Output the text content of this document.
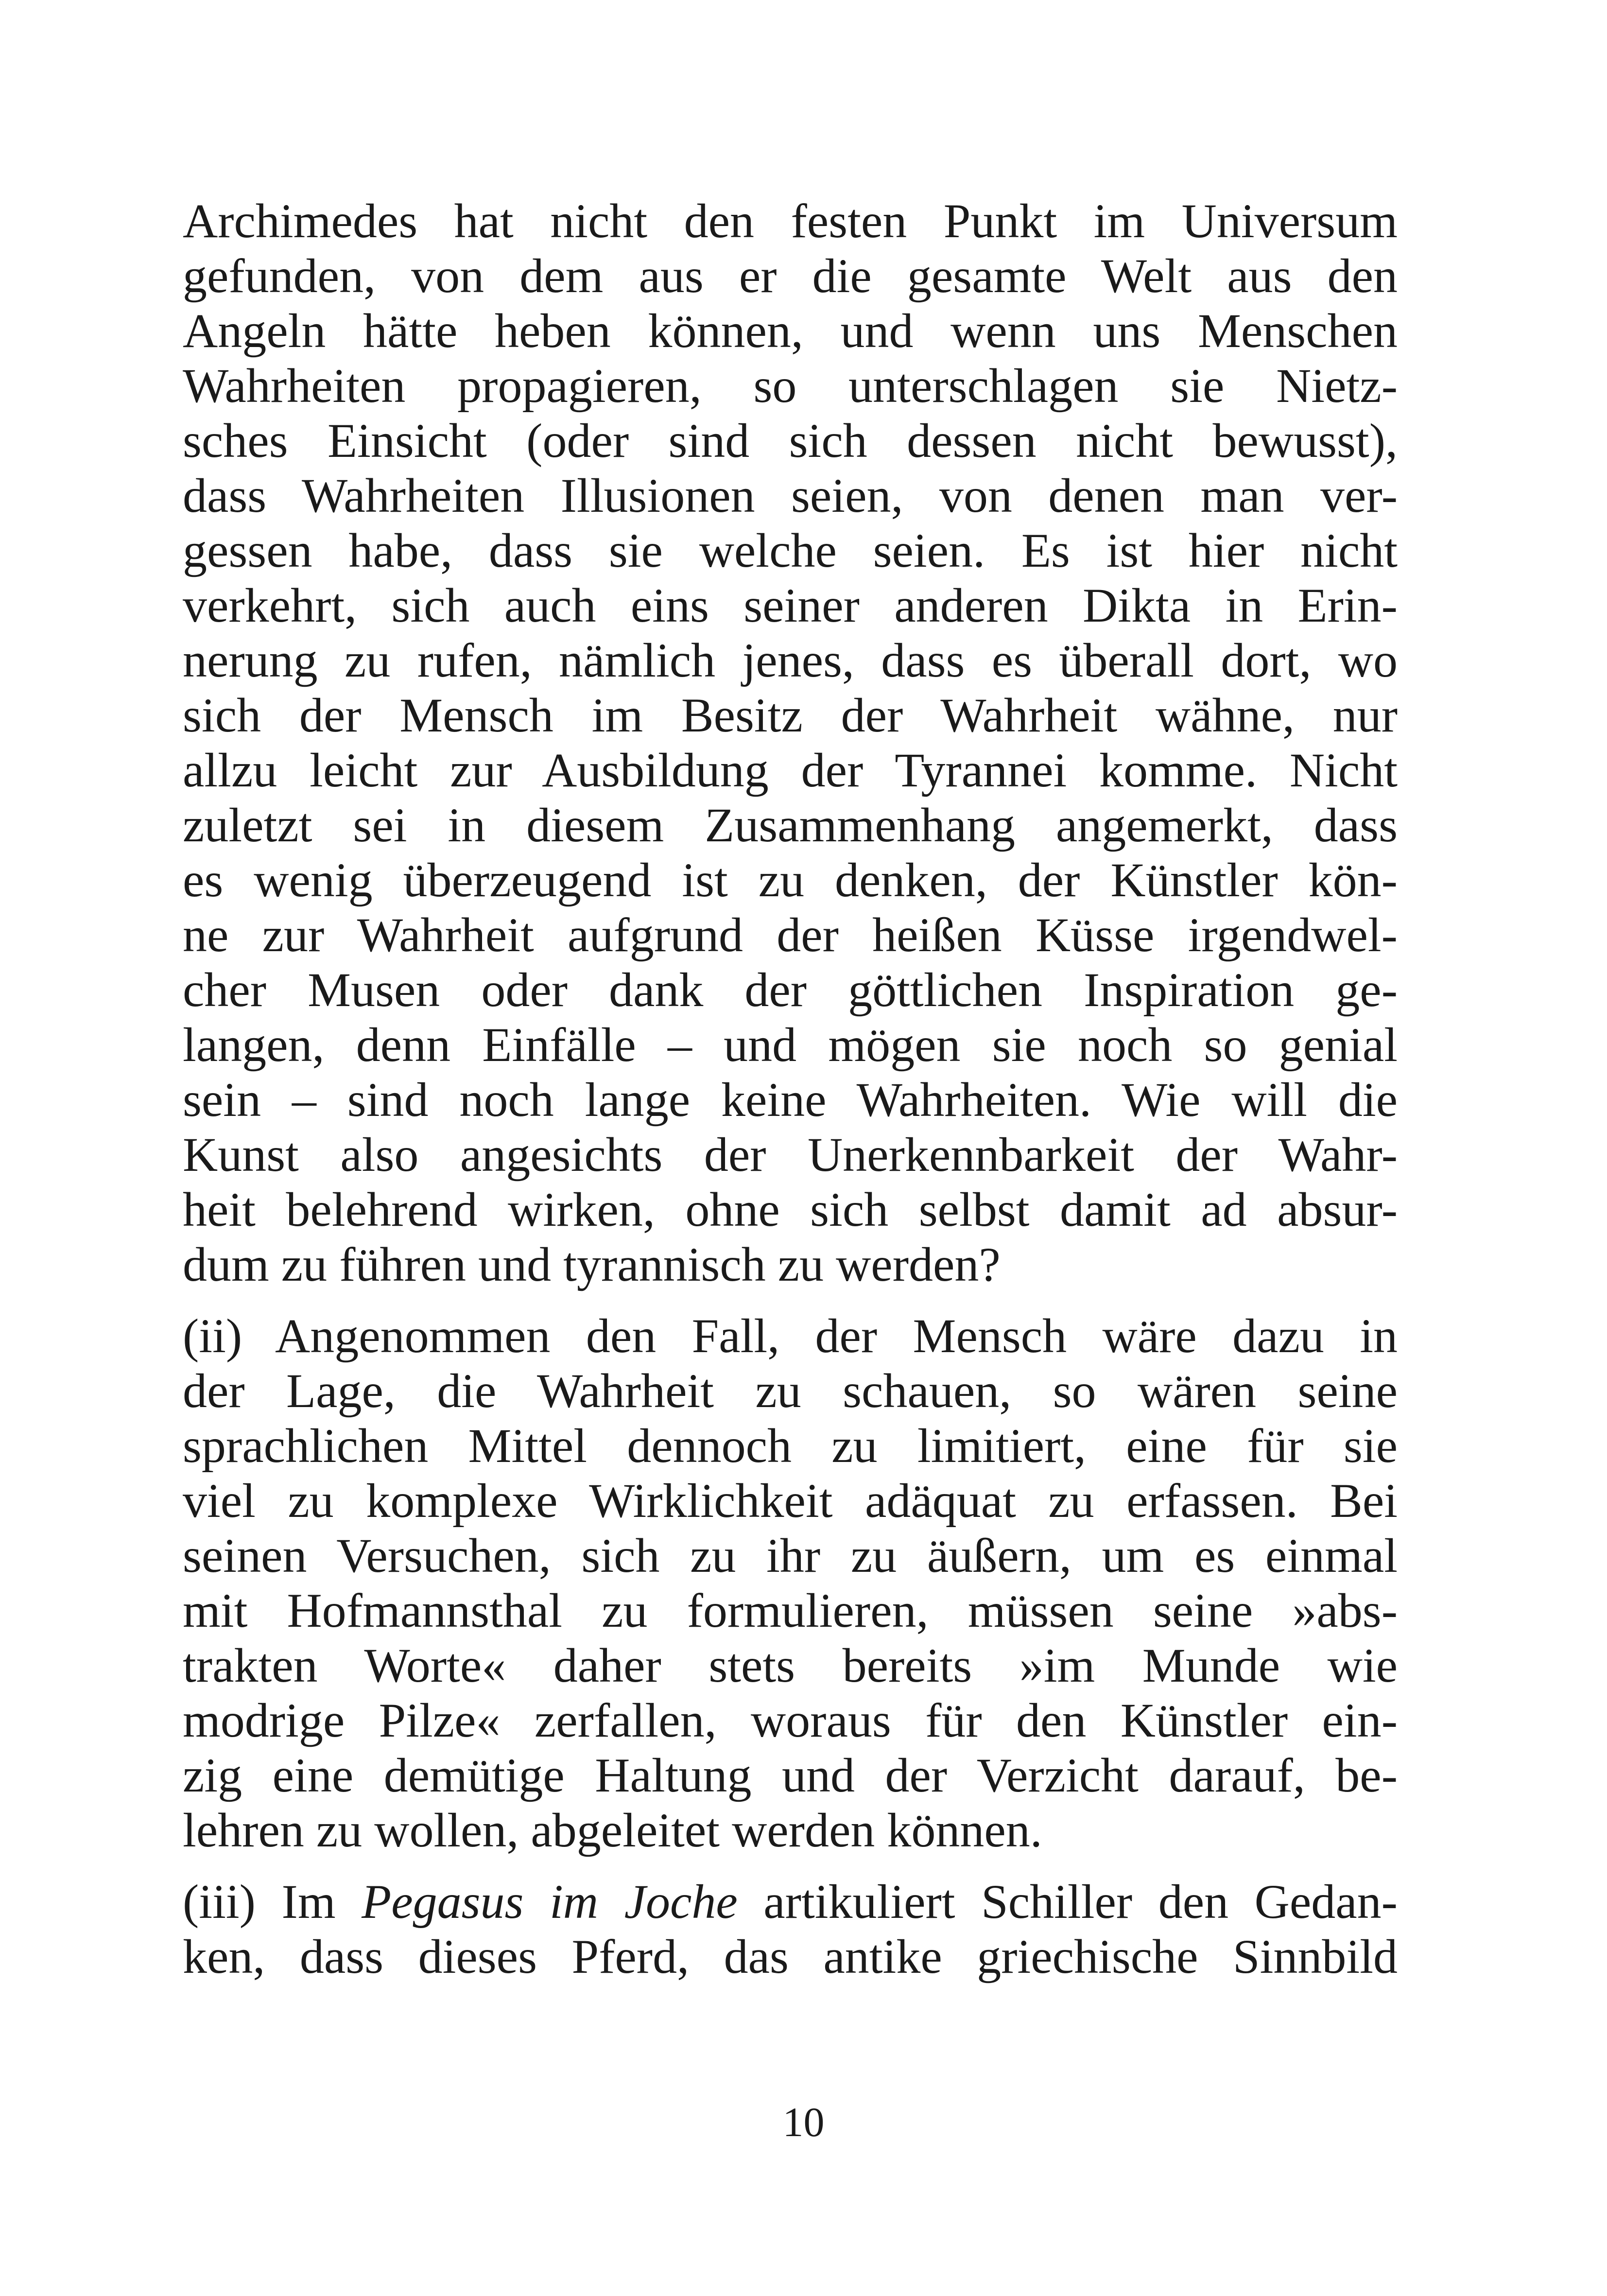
Archimedes hat nicht den festen Punkt im Universum
gefunden, von dem aus er die gesamte Welt aus den
Angeln hätte heben können, und wenn uns Menschen
Wahrheiten propagieren, so unterschlagen sie Nietz-
sches Einsicht (oder sind sich dessen nicht bewusst),
dass Wahrheiten Illusionen seien, von denen man ver-
gessen habe, dass sie welche seien. Es ist hier nicht
verkehrt, sich auch eins seiner anderen Dikta in Erin-
nerung zu rufen, nämlich jenes, dass es überall dort, wo
sich der Mensch im Besitz der Wahrheit wähne, nur
allzu leicht zur Ausbildung der Tyrannei komme. Nicht
zuletzt sei in diesem Zusammenhang angemerkt, dass
es wenig überzeugend ist zu denken, der Künstler kön-
ne zur Wahrheit aufgrund der heißen Küsse irgendwel-
cher Musen oder dank der göttlichen Inspiration ge-
langen, denn Einfälle – und mögen sie noch so genial
sein – sind noch lange keine Wahrheiten. Wie will die
Kunst also angesichts der Unerkennbarkeit der Wahr-
heit belehrend wirken, ohne sich selbst damit ad absur-
dum zu führen und tyrannisch zu werden?
(ii) Angenommen den Fall, der Mensch wäre dazu in
der Lage, die Wahrheit zu schauen, so wären seine
sprachlichen Mittel dennoch zu limitiert, eine für sie
viel zu komplexe Wirklichkeit adäquat zu erfassen. Bei
seinen Versuchen, sich zu ihr zu äußern, um es einmal
mit Hofmannsthal zu formulieren, müssen seine »abs-
trakten Worte« daher stets bereits »im Munde wie
modrige Pilze« zerfallen, woraus für den Künstler ein-
zig eine demütige Haltung und der Verzicht darauf, be-
lehren zu wollen, abgeleitet werden können.
(iii) Im Pegasus im Joche artikuliert Schiller den Gedan-
ken, dass dieses Pferd, das antike griechische Sinnbild
10
